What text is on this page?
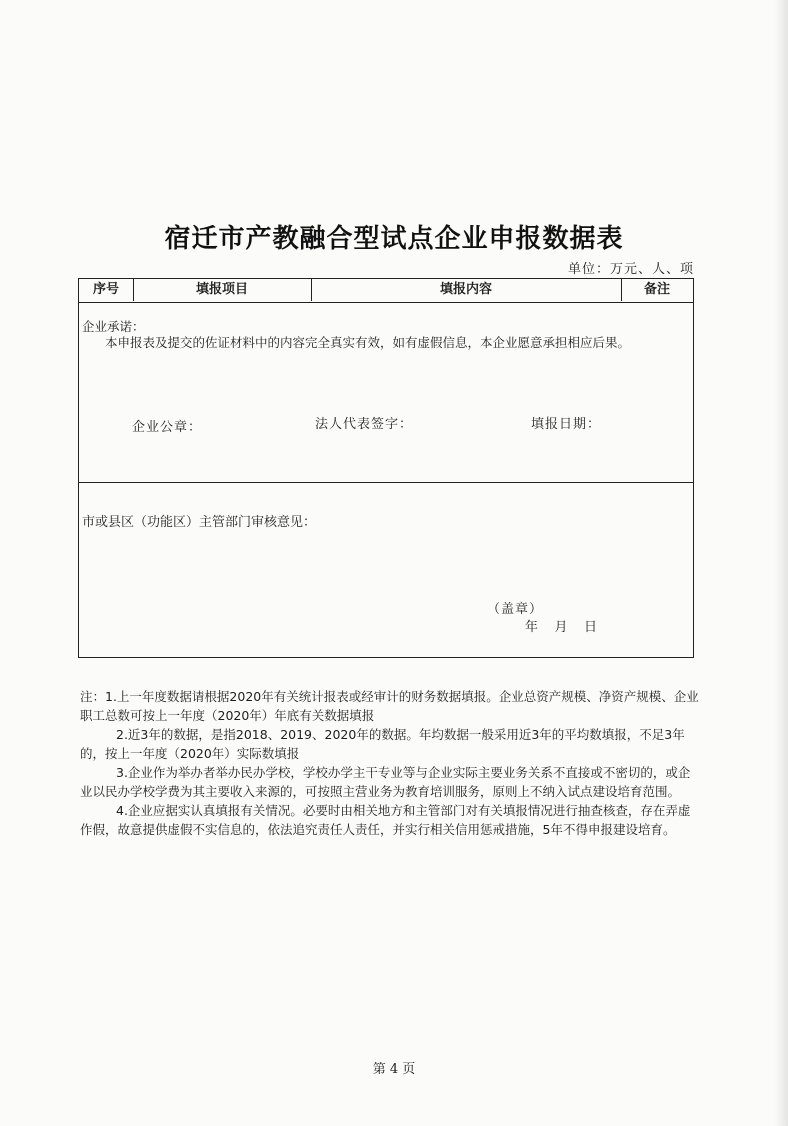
宿迁市产教融合型试点企业申报数据表
单位：万元、人、项
序号	填报项目	填报内容	备注
企业承诺：
本申报表及提交的佐证材料中的内容完全真实有效，如有虚假信息，本企业愿意承担相应后果。
企业公章：	法人代表签字：	填报日期：
市或县区（功能区）主管部门审核意见：
（盖章）
年    月    日

注：1.上一年度数据请根据2020年有关统计报表或经审计的财务数据填报。企业总资产规模、净资产规模、企业职工总数可按上一年度（2020年）年底有关数据填报

2.近3年的数据，是指2018、2019、2020年的数据。年均数据一般采用近3年的平均数填报，不足3年的，按上一年度（2020年）实际数填报

3.企业作为举办者举办民办学校，学校办学主干专业等与企业实际主要业务关系不直接或不密切的，或企业以民办学校学费为其主要收入来源的，可按照主营业务为教育培训服务，原则上不纳入试点建设培育范围。

4.企业应据实认真填报有关情况。必要时由相关地方和主管部门对有关填报情况进行抽查核查，存在弄虚作假，故意提供虚假不实信息的，依法追究责任人责任，并实行相关信用惩戒措施，5年不得申报建设培育。

第 4 页
